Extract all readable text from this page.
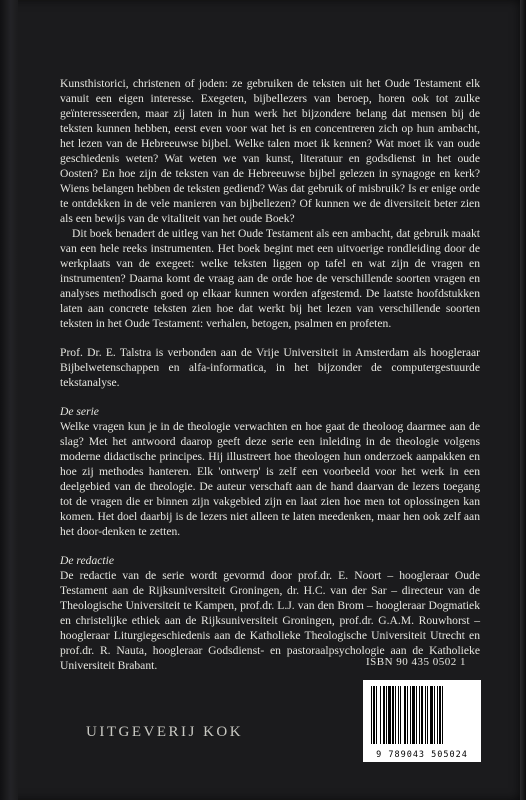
Kunsthistorici, christenen of joden: ze gebruiken de teksten uit het Oude Testament elk vanuit een eigen interesse. Exegeten, bijbellezers van beroep, horen ook tot zulke geïnteresseerden, maar zij laten in hun werk het bijzondere belang dat mensen bij de teksten kunnen hebben, eerst even voor wat het is en concentreren zich op hun ambacht, het lezen van de Hebreeuwse bijbel. Welke talen moet ik kennen? Wat moet ik van oude geschiedenis weten? Wat weten we van kunst, literatuur en godsdienst in het oude Oosten? En hoe zijn de teksten van de Hebreeuwse bijbel gelezen in synagoge en kerk? Wiens belangen hebben de teksten gediend? Was dat gebruik of misbruik? Is er enige orde te ontdekken in de vele manieren van bijbellezen? Of kunnen we de diversiteit beter zien als een bewijs van de vitaliteit van het oude Boek?

Dit boek benadert de uitleg van het Oude Testament als een ambacht, dat gebruik maakt van een hele reeks instrumenten. Het boek begint met een uitvoerige rondleiding door de werkplaats van de exegeet: welke teksten liggen op tafel en wat zijn de vragen en instrumenten? Daarna komt de vraag aan de orde hoe de verschillende soorten vragen en analyses methodisch goed op elkaar kunnen worden afgestemd. De laatste hoofdstukken laten aan concrete teksten zien hoe dat werkt bij het lezen van verschillende soorten teksten in het Oude Testament: verhalen, betogen, psalmen en profeten.

Prof. Dr. E. Talstra is verbonden aan de Vrije Universiteit in Amsterdam als hoogleraar Bijbelwetenschappen en alfa-informatica, in het bijzonder de computergestuurde tekstanalyse.

De serie

Welke vragen kun je in de theologie verwachten en hoe gaat de theoloog daarmee aan de slag? Met het antwoord daarop geeft deze serie een inleiding in de theologie volgens moderne didactische principes. Hij illustreert hoe theologen hun onderzoek aanpakken en hoe zij methodes hanteren. Elk 'ontwerp' is zelf een voorbeeld voor het werk in een deelgebied van de theologie. De auteur verschaft aan de hand daarvan de lezers toegang tot de vragen die er binnen zijn vakgebied zijn en laat zien hoe men tot oplossingen kan komen. Het doel daarbij is de lezers niet alleen te laten meedenken, maar hen ook zelf aan het door-denken te zetten.

De redactie

De redactie van de serie wordt gevormd door prof.dr. E. Noort – hoogleraar Oude Testament aan de Rijksuniversiteit Groningen, dr. H.C. van der Sar – directeur van de Theologische Universiteit te Kampen, prof.dr. L.J. van den Brom – hoogleraar Dogmatiek en christelijke ethiek aan de Rijksuniversiteit Groningen, prof.dr. G.A.M. Rouwhorst – hoogleraar Liturgiegeschiedenis aan de Katholieke Theologische Universiteit Utrecht en prof.dr. R. Nauta, hoogleraar Godsdienst- en pastoraalpsychologie aan de Katholieke Universiteit Brabant.	ISBN 90 435 0502 1
UITGEVERIJ KOK
9 789043 505024
